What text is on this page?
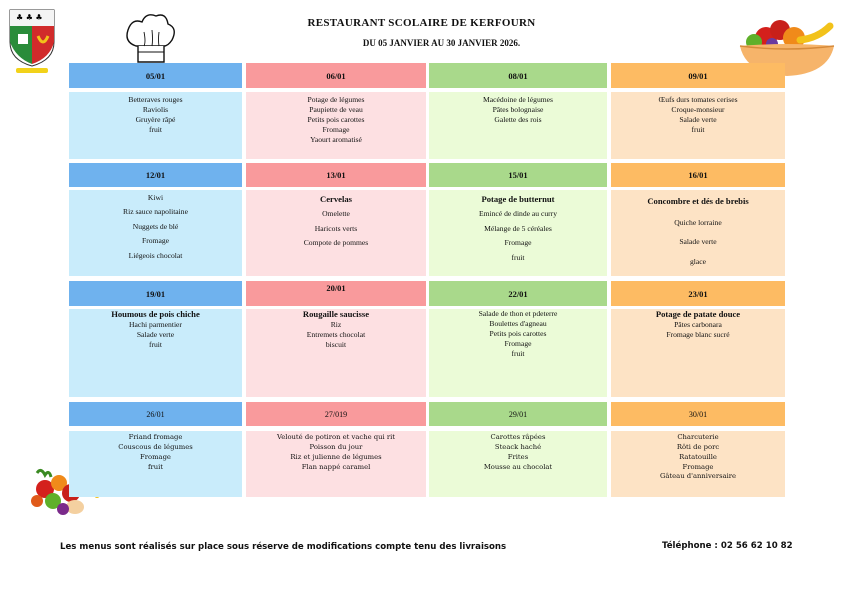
♣ ♣ ♣	RESTAURANT SCOLAIRE DE KERFOURN
DU 05 JANVIER AU 30 JANVIER 2026.
05/01
Betteraves rouges
Raviolis
Gruyère râpé
fruit
06/01
Potage de légumes
Paupiette de veau
Petits pois carottes
Fromage
Yaourt aromatisé
08/01
Macédoine de légumes
Pâtes bolognaise
Galette des rois
09/01
Œufs durs tomates cerises
Croque-monsieur
Salade verte
fruit
12/01
Kiwi
Riz sauce napolitaine
Nuggets de blé
Fromage
Liégeois chocolat
13/01
Cervelas
Omelette
Haricots verts
Compote de pommes
15/01
Potage de butternut
Emincé de dinde au curry
Mélange de 5 céréales
Fromage
fruit
16/01
Concombre et dés de brebis
Quiche lorraine
Salade verte
glace
19/01
Houmous de pois chiche
Hachi parmentier
Salade verte
fruit
20/01
Rougaille saucisse
Riz
Entremets chocolat
biscuit
22/01
Salade de thon et pdeterre
Boulettes d'agneau
Petits pois carottes
Fromage
fruit
23/01
Potage de patate douce
Pâtes carbonara
Fromage blanc sucré
26/01
Friand fromage
Couscous de légumes
Fromage
fruit
27/019
Velouté de potiron et vache qui rit
Poisson du jour
Riz et julienne de légumes
Flan nappé caramel
29/01
Carottes râpées
Steack haché
Frites
Mousse au chocolat
30/01
Charcuterie
Rôti de porc
Ratatouille
Fromage
Gâteau d'anniversaire
Les menus sont réalisés sur place sous réserve de modifications compte tenu des livraisons	Téléphone : 02 56 62 10 82
